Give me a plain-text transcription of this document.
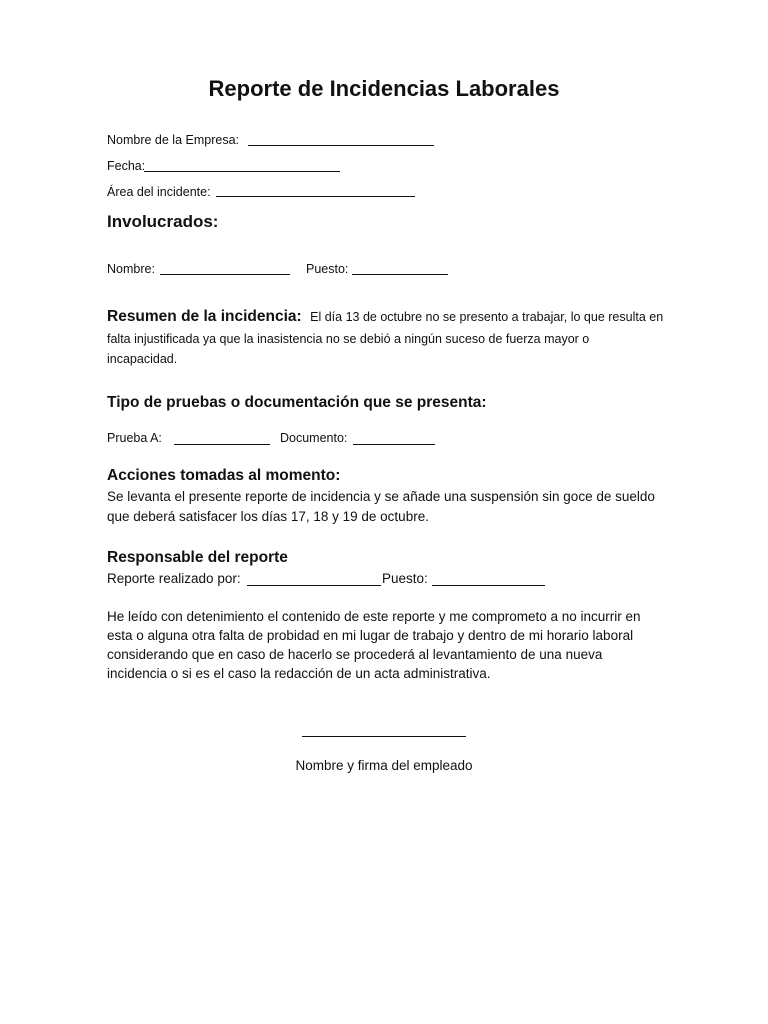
Reporte de Incidencias Laborales
Nombre de la Empresa:
Fecha:
Área del incidente:
Involucrados:
Nombre:	Puesto:
Resumen de la incidencia: El día 13 de octubre no se presento a trabajar, lo que resulta en
falta injustificada ya que la inasistencia no se debió a ningún suceso de fuerza mayor o
incapacidad.
Tipo de pruebas o documentación que se presenta:
Prueba A:	Documento:
Acciones tomadas al momento:
Se levanta el presente reporte de incidencia y se añade una suspensión sin goce de sueldo
que deberá satisfacer los días 17, 18 y 19 de octubre.
Responsable del reporte
Reporte realizado por:	Puesto:
He leído con detenimiento el contenido de este reporte y me comprometo a no incurrir en
esta o alguna otra falta de probidad en mi lugar de trabajo y dentro de mi horario laboral
considerando que en caso de hacerlo se procederá al levantamiento de una nueva
incidencia o si es el caso la redacción de un acta administrativa.
Nombre y firma del empleado
